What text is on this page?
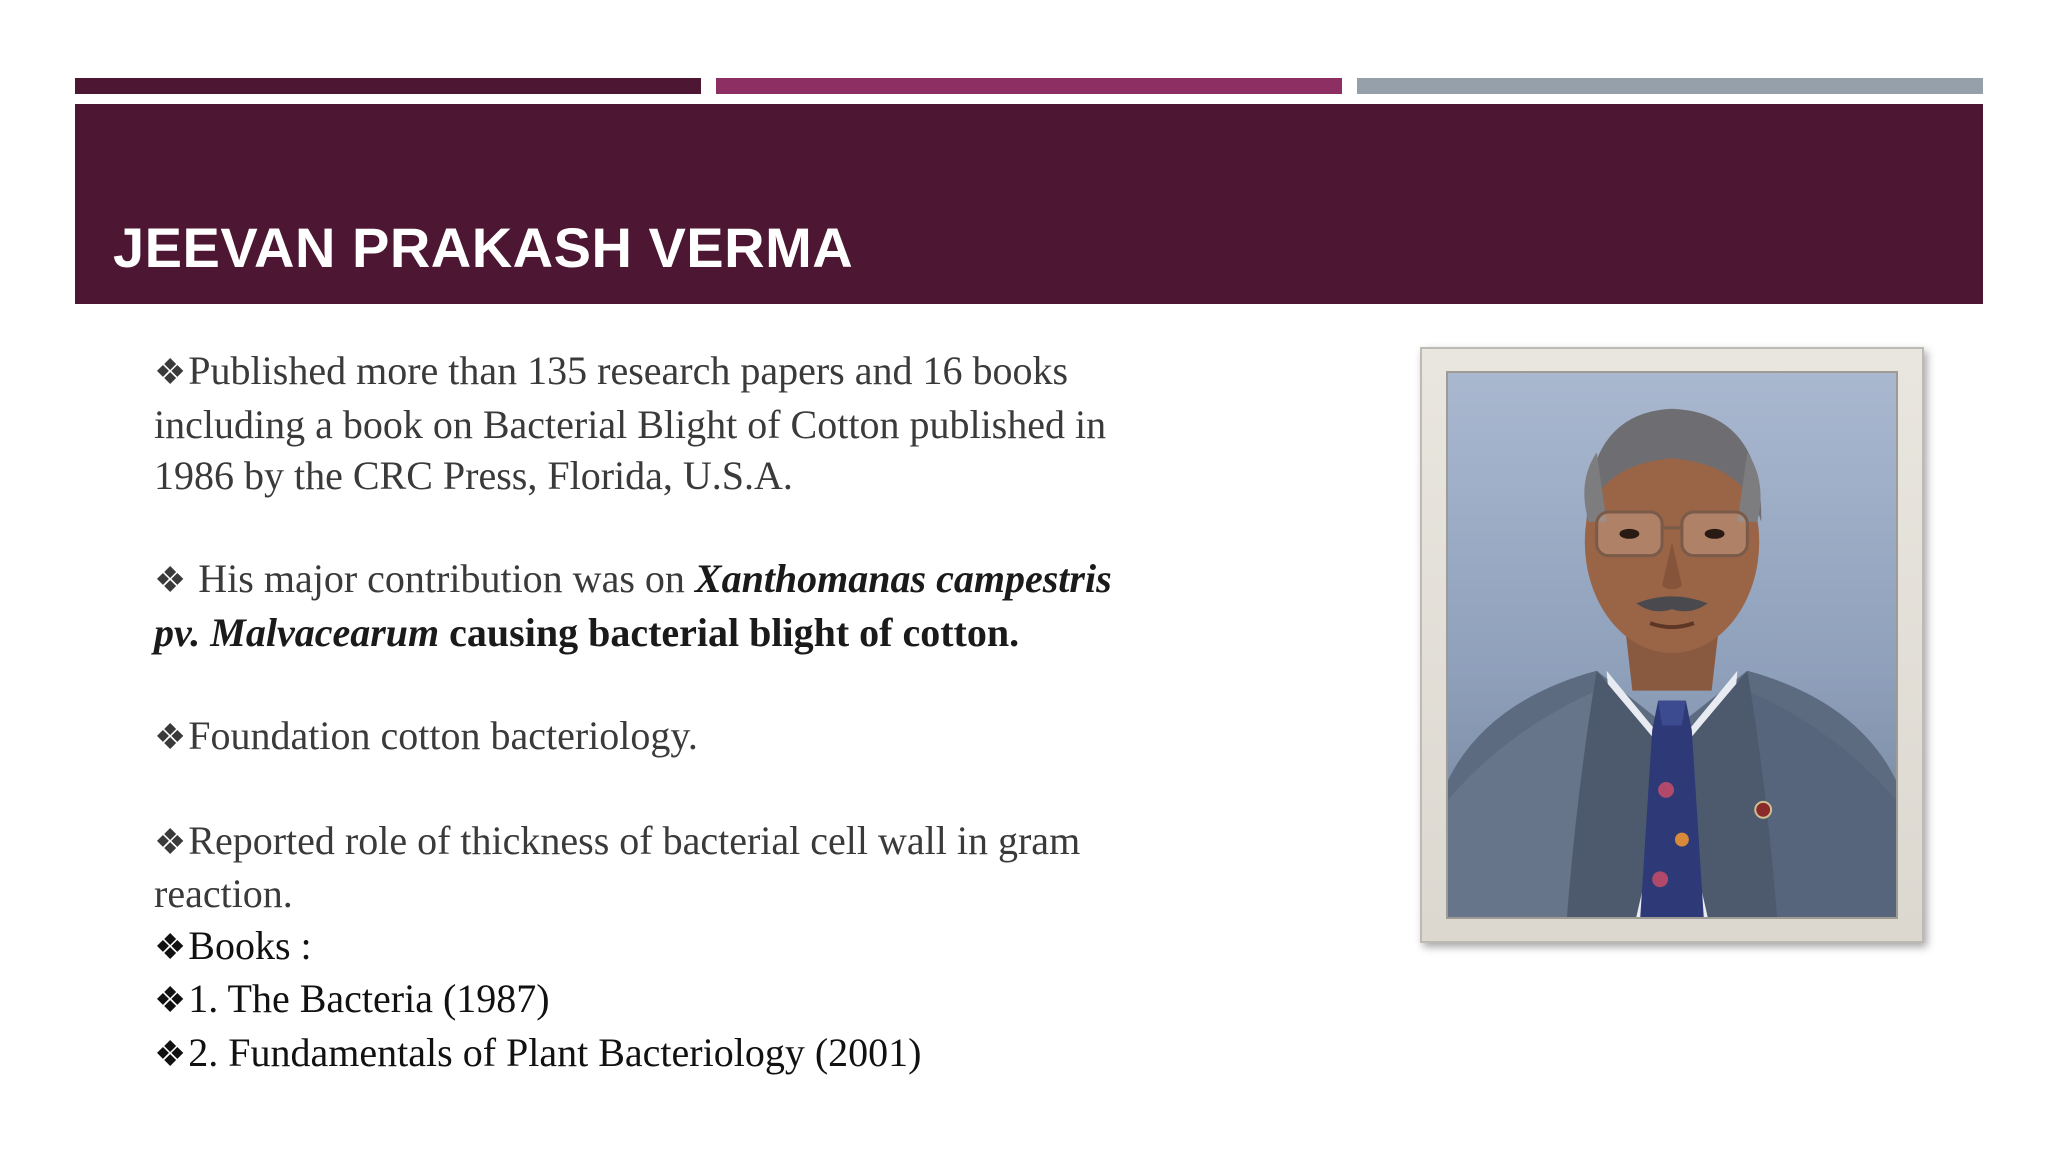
JEEVAN PRAKASH VERMA

❖Published more than 135 research papers and 16 books
including a book on Bacterial Blight of Cotton published in
1986 by the CRC Press, Florida, U.S.A.

❖ His major contribution was on Xanthomanas campestris
pv. Malvacearum causing bacterial blight of cotton.

❖Foundation cotton bacteriology.

❖Reported role of thickness of bacterial cell wall in gram
reaction.

❖Books :

❖1. The Bacteria (1987)

❖2. Fundamentals of Plant Bacteriology (2001)
